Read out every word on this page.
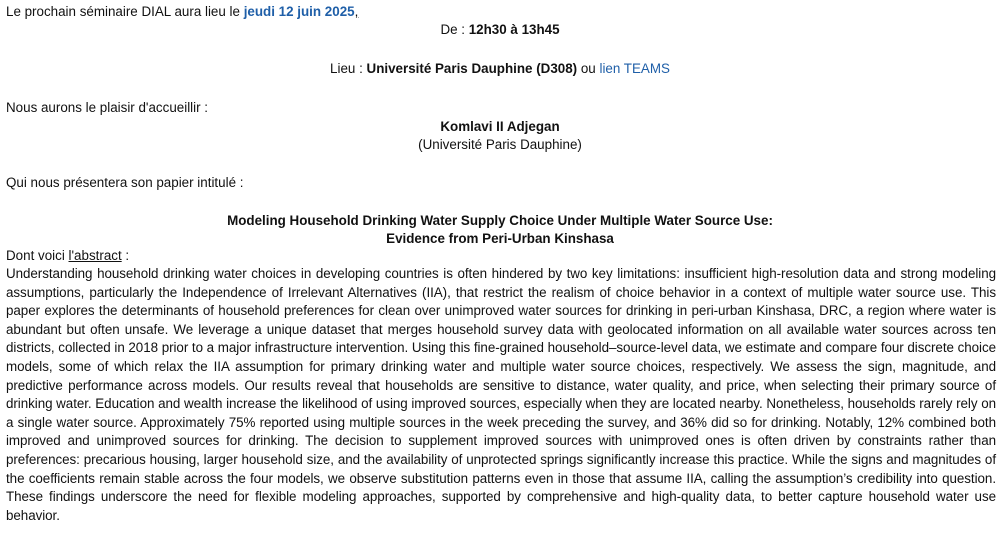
Le prochain séminaire DIAL aura lieu le jeudi 12 juin 2025,
De : 12h30 à 13h45
Lieu : Université Paris Dauphine (D308) ou lien TEAMS
Nous aurons le plaisir d'accueillir :
Komlavi II Adjegan
(Université Paris Dauphine)
Qui nous présentera son papier intitulé :
Modeling Household Drinking Water Supply Choice Under Multiple Water Source Use:
Evidence from Peri-Urban Kinshasa
Dont voici l'abstract :
Understanding household drinking water choices in developing countries is often hindered by two key limitations: insufficient high-resolution data and strong modeling assumptions, particularly the Independence of Irrelevant Alternatives (IIA), that restrict the realism of choice behavior in a context of multiple water source use. This paper explores the determinants of household preferences for clean over unimproved water sources for drinking in peri-urban Kinshasa, DRC, a region where water is abundant but often unsafe. We leverage a unique dataset that merges household survey data with geolocated information on all available water sources across ten districts, collected in 2018 prior to a major infrastructure intervention. Using this fine-grained household–source-level data, we estimate and compare four discrete choice models, some of which relax the IIA assumption for primary drinking water and multiple water source choices, respectively. We assess the sign, magnitude, and predictive performance across models. Our results reveal that households are sensitive to distance, water quality, and price, when selecting their primary source of drinking water. Education and wealth increase the likelihood of using improved sources, especially when they are located nearby. Nonetheless, households rarely rely on a single water source. Approximately 75% reported using multiple sources in the week preceding the survey, and 36% did so for drinking. Notably, 12% combined both improved and unimproved sources for drinking. The decision to supplement improved sources with unimproved ones is often driven by constraints rather than preferences: precarious housing, larger household size, and the availability of unprotected springs significantly increase this practice. While the signs and magnitudes of the coefficients remain stable across the four models, we observe substitution patterns even in those that assume IIA, calling the assumption’s credibility into question. These findings underscore the need for flexible modeling approaches, supported by comprehensive and high-quality data, to better capture household water use behavior.
